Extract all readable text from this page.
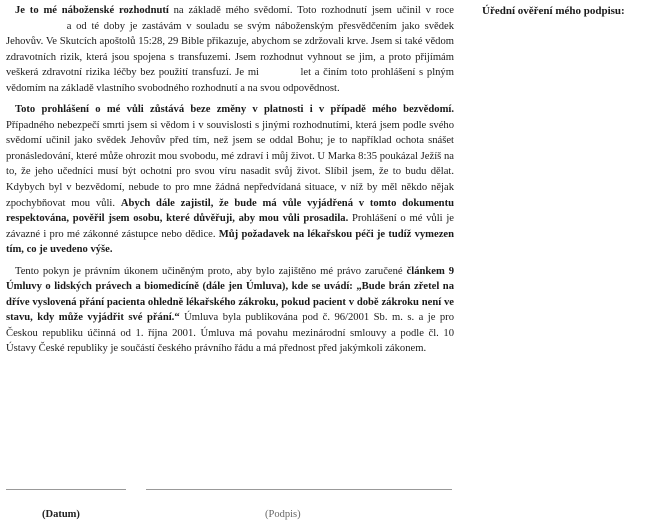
Je to mé náboženské rozhodnutí na základě mého svědomí. Toto rozhodnutí jsem učinil v roce  a od té doby je zastávám v souladu se svým náboženským přesvědčením jako svědek Jehovův. Ve Skutcích apoštolů 15:28, 29 Bible přikazuje, abychom se zdržovali krve. Jsem si také vědom zdravotních rizik, která jsou spojena s transfuzemi. Jsem rozhodnut vyhnout se jim, a proto přijímám veškerá zdravotní rizika léčby bez použití transfuzí. Je mi	let a činím toto prohlášení s plným vědomím na základě vlastního svobodného rozhodnutí a na svou odpovědnost.

Toto prohlášení o mé vůli zůstává beze změny v platnosti i v případě mého bezvědomí. Případného nebezpečí smrti jsem si vědom i v souvislosti s jinými rozhodnutími, která jsem podle svého svědomí učinil jako svědek Jehovův před tím, než jsem se oddal Bohu; je to například ochota snášet pronásledování, které může ohrozit mou svobodu, mé zdraví i můj život. U Marka 8:35 poukázal Ježíš na to, že jeho učedníci musí být ochotni pro svou víru nasadit svůj život. Slíbil jsem, že to budu dělat. Kdybych byl v bezvědomí, nebude to pro mne žádná nepředvídaná situace, v níž by měl někdo nějak zpochybňovat mou vůli. Abych dále zajistil, že bude má vůle vyjádřená v tomto dokumentu respektována, pověřil jsem osobu, které důvěřuji, aby mou vůli prosadila. Prohlášení o mé vůli je závazné i pro mé zákonné zástupce nebo dědice. Můj požadavek na lékařskou péči je tudíž vymezen tím, co je uvedeno výše.

Tento pokyn je právním úkonem učiněným proto, aby bylo zajištěno mé právo zaručené článkem 9 Úmluvy o lidských právech a biomedicíně (dále jen Úmluva), kde se uvádí: „Bude brán zřetel na dříve vyslovená přání pacienta ohledně lékařského zákroku, pokud pacient v době zákroku není ve stavu, kdy může vyjádřit své přání.“ Úmluva byla publikována pod č. 96/2001 Sb. m. s. a je pro Českou republiku účinná od 1. října 2001. Úmluva má povahu mezinárodní smlouvy a podle čl. 10 Ústavy České republiky je součástí českého právního řádu a má přednost před jakýmkoli zákonem.

Úřední ověření mého podpisu:
(Datum)	(Podpis)
